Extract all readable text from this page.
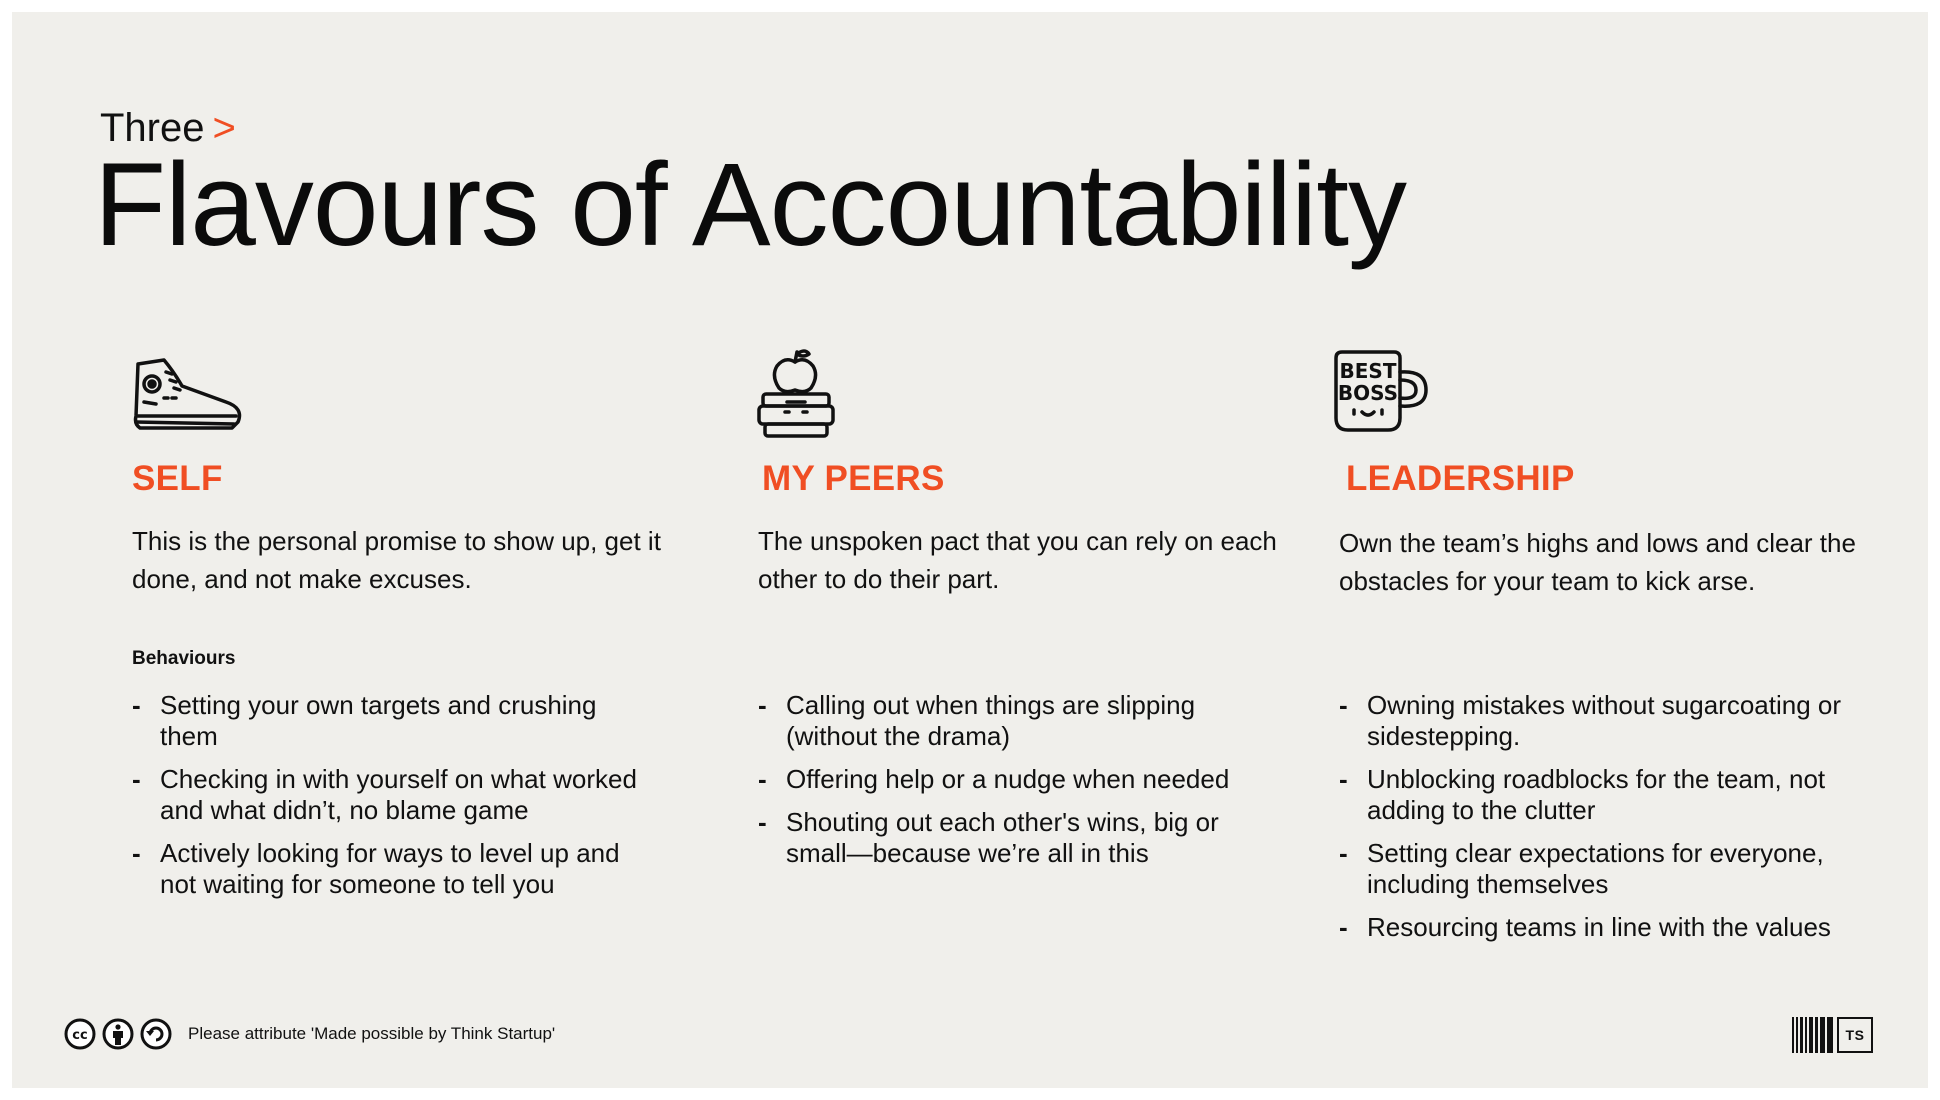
Three >
Flavours of Accountability
SELF
This is the personal promise to show up, get it done, and not make excuses.
Behaviours
- Setting your own targets and crushing them
- Checking in with yourself on what worked and what didn’t, no blame game
- Actively looking for ways to level up and not waiting for someone to tell you
MY PEERS
The unspoken pact that you can rely on each other to do their part.
- Calling out when things are slipping (without the drama)
- Offering help or a nudge when needed
- Shouting out each other's wins, big or small—because we’re all in this
BEST
BOSS
LEADERSHIP
Own the team’s highs and lows and clear the obstacles for your team to kick arse.
- Owning mistakes without sugarcoating or sidestepping.
- Unblocking roadblocks for the team, not adding to the clutter
- Setting clear expectations for everyone, including themselves
- Resourcing teams in line with the values
cc	Please attribute 'Made possible by Think Startup'	TS
